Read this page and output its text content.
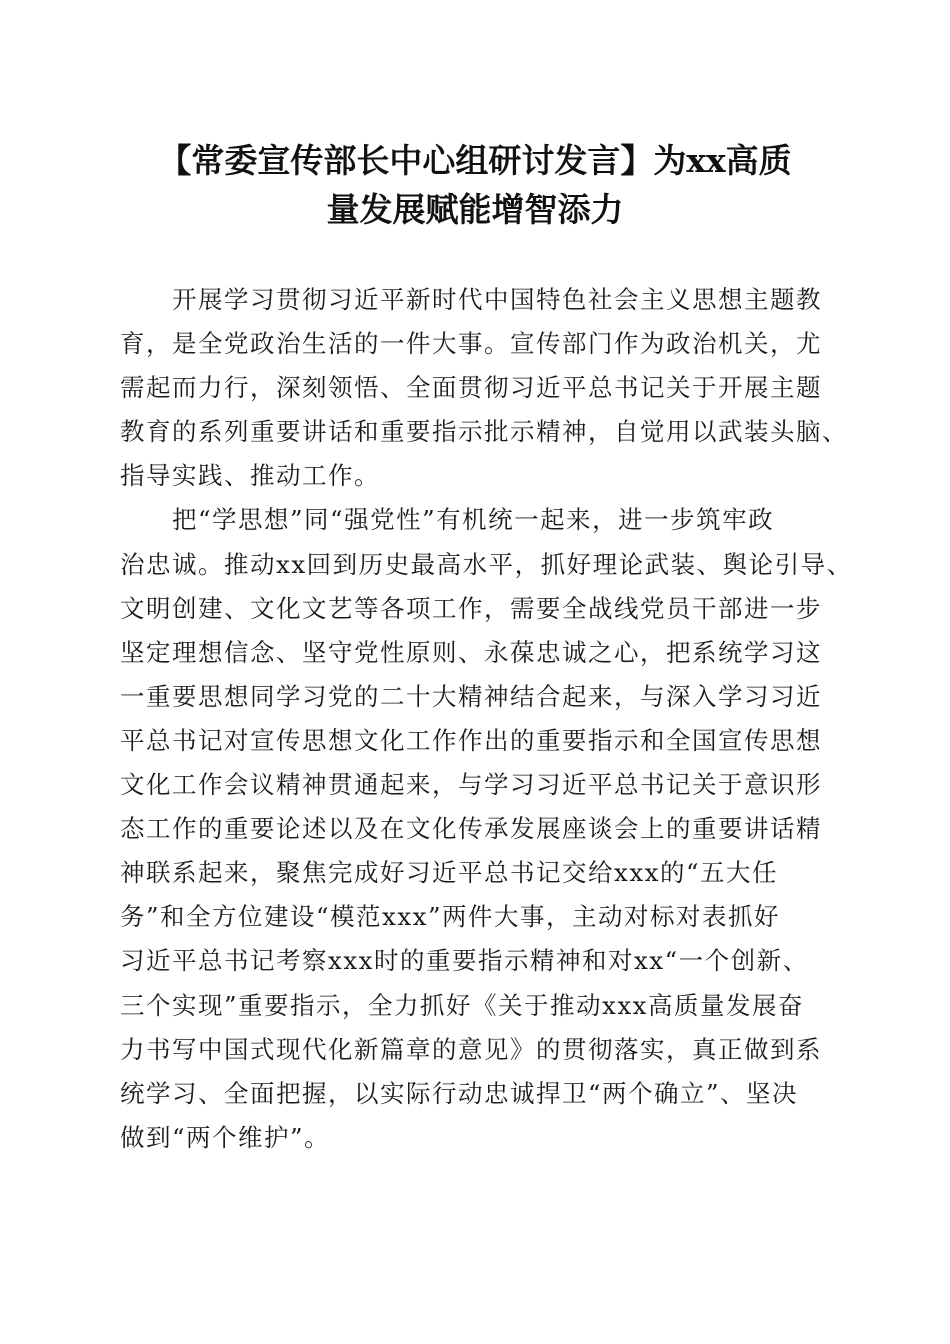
【常委宣传部长中心组研讨发言】为xx高质
量发展赋能增智添力

　　开展学习贯彻习近平新时代中国特色社会主义思想主题教
育，是全党政治生活的一件大事。宣传部门作为政治机关，尤
需起而力行，深刻领悟、全面贯彻习近平总书记关于开展主题
教育的系列重要讲话和重要指示批示精神，自觉用以武装头脑、
指导实践、推动工作。

　　把“学思想”同“强党性”有机统一起来，进一步筑牢政
治忠诚。推动xx回到历史最高水平，抓好理论武装、舆论引导、
文明创建、文化文艺等各项工作，需要全战线党员干部进一步
坚定理想信念、坚守党性原则、永葆忠诚之心，把系统学习这
一重要思想同学习党的二十大精神结合起来，与深入学习习近
平总书记对宣传思想文化工作作出的重要指示和全国宣传思想
文化工作会议精神贯通起来，与学习习近平总书记关于意识形
态工作的重要论述以及在文化传承发展座谈会上的重要讲话精
神联系起来，聚焦完成好习近平总书记交给xxx的“五大任
务”和全方位建设“模范xxx”两件大事，主动对标对表抓好
习近平总书记考察xxx时的重要指示精神和对xx“一个创新、
三个实现”重要指示，全力抓好《关于推动xxx高质量发展奋
力书写中国式现代化新篇章的意见》的贯彻落实，真正做到系
统学习、全面把握，以实际行动忠诚捍卫“两个确立”、坚决
做到“两个维护”。
